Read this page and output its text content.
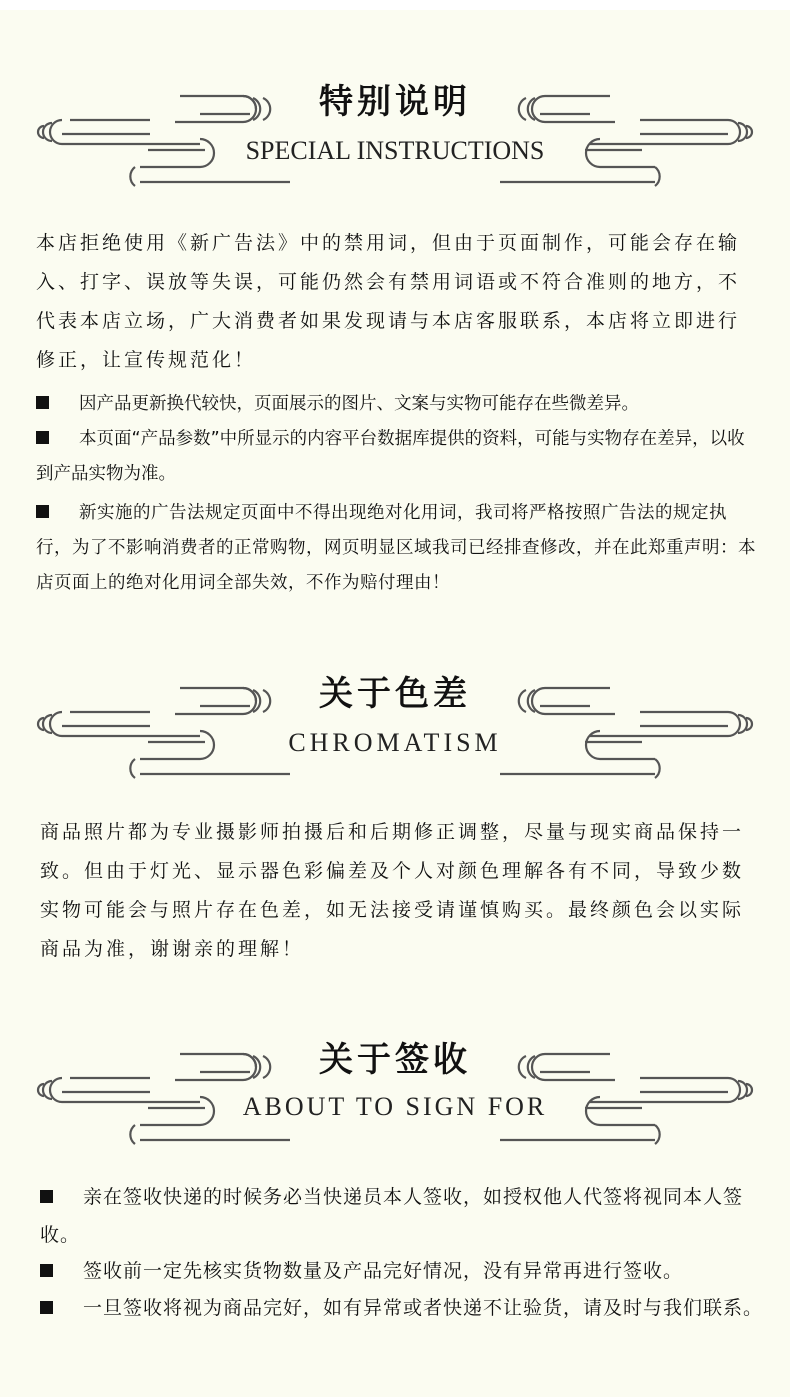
特别说明
SPECIAL INSTRUCTIONS

本店拒绝使用《新广告法》中的禁用词，但由于页面制作，可能会存在输入、打字、误放等失误，可能仍然会有禁用词语或不符合准则的地方，不代表本店立场，广大消费者如果发现请与本店客服联系，本店将立即进行修正，让宣传规范化！

因产品更新换代较快，页面展示的图片、文案与实物可能存在些微差异。

本页面“产品参数”中所显示的内容平台数据库提供的资料，可能与实物存在差异，以收到产品实物为准。

新实施的广告法规定页面中不得出现绝对化用词，我司将严格按照广告法的规定执行，为了不影响消费者的正常购物，网页明显区域我司已经排查修改，并在此郑重声明：本店页面上的绝对化用词全部失效，不作为赔付理由！

关于色差
CHROMATISM

商品照片都为专业摄影师拍摄后和后期修正调整，尽量与现实商品保持一致。但由于灯光、显示器色彩偏差及个人对颜色理解各有不同，导致少数实物可能会与照片存在色差，如无法接受请谨慎购买。最终颜色会以实际商品为准，谢谢亲的理解！

关于签收
ABOUT TO SIGN FOR

亲在签收快递的时候务必当快递员本人签收，如授权他人代签将视同本人签收。

签收前一定先核实货物数量及产品完好情况，没有异常再进行签收。

一旦签收将视为商品完好，如有异常或者快递不让验货，请及时与我们联系。
